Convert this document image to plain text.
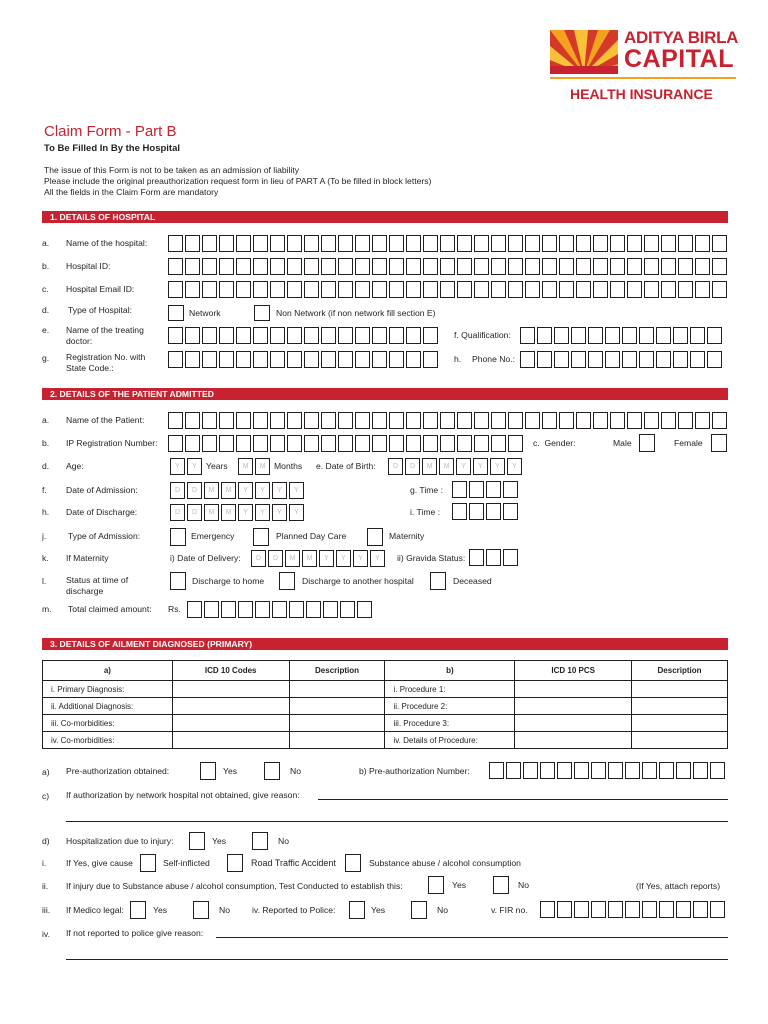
ADITYA BIRLA
CAPITAL
HEALTH INSURANCE
Claim Form - Part B
To Be Filled In By the Hospital
The issue of this Form is not to be taken as an admission of liability
Please include the original preauthorization request form in lieu of PART A (To be filled in block letters)
All the fields in the Claim Form are mandatory
1. DETAILS OF HOSPITAL
a. Name of the hospital:
b. Hospital ID:
c. Hospital Email ID:
d. Type of Hospital:	Network	Non Network (if non network fill section E)
e. Name of the treating doctor:
f. Qualification:
g. Registration No. with State Code.:
h. Phone No.:
2. DETAILS OF THE PATIENT ADMITTED
a. Name of the Patient:
b. IP Registration Number:	c. Gender:	Male	Female
d. Age:	Y	Y	Years	M	M Months e. Date of Birth:	D	D	M	M	Y	Y	Y	Y
f. Date of Admission:	D	D	M	M	Y	Y	Y	Y	g. Time :
h. Date of Discharge:	D	D	M	M	Y	Y	Y	Y	i. Time :
j.	Type of Admission:	Emergency	Planned Day Care	Maternity
k. If Maternity	i) Date of Delivery:	D	D	M	M	Y	Y	Y	Y	ii) Gravida Status:
l. Status at time of discharge
Discharge to home	Discharge to another hospital	Deceased
m. Total claimed amount: Rs.
3. DETAILS OF AILMENT DIAGNOSED (PRIMARY)
a)	ICD 10 Codes	Description	b)	ICD 10 PCS	Description
i. Primary Diagnosis:			i. Procedure 1:		
ii. Additional Diagnosis:			ii. Procedure 2:		
iii. Co-morbidities:			iii. Procedure 3:		
iv. Co-morbidities:			iv. Details of Procedure:		
a) Pre-authorization obtained:	Yes	No	b) Pre-authorization Number:
c) If authorization by network hospital not obtained, give reason:
d) Hospitalization due to injury:	Yes	No
i. If Yes, give cause	Self-inflicted	Road Traffic Accident	Substance abuse / alcohol consumption
ii. If injury due to Substance abuse / alcohol consumption, Test Conducted to establish this:	Yes	No	(If Yes, attach reports)
iii. If Medico legal:	Yes	No	iv. Reported to Police:	Yes	No	v. FIR no.
iv. If not reported to police give reason:
